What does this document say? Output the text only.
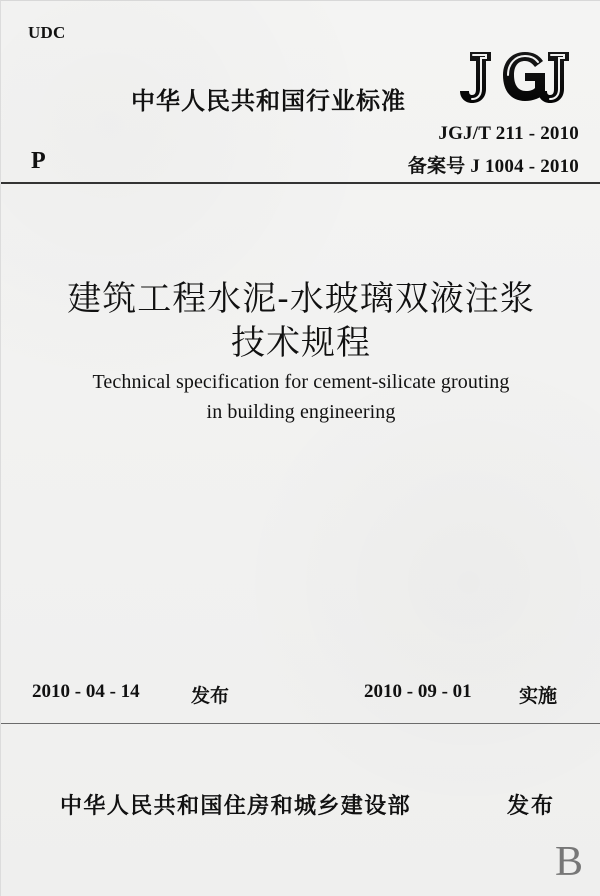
UDC
中华人民共和国行业标准
P
JGJ/T 211 - 2010
备案号 J 1004 - 2010
建筑工程水泥-水玻璃双液注浆
技术规程
Technical specification for cement-silicate grouting
in building engineering
2010 - 04 - 14	发布	2010 - 09 - 01 实施
中华人民共和国住房和城乡建设部	发布
B
